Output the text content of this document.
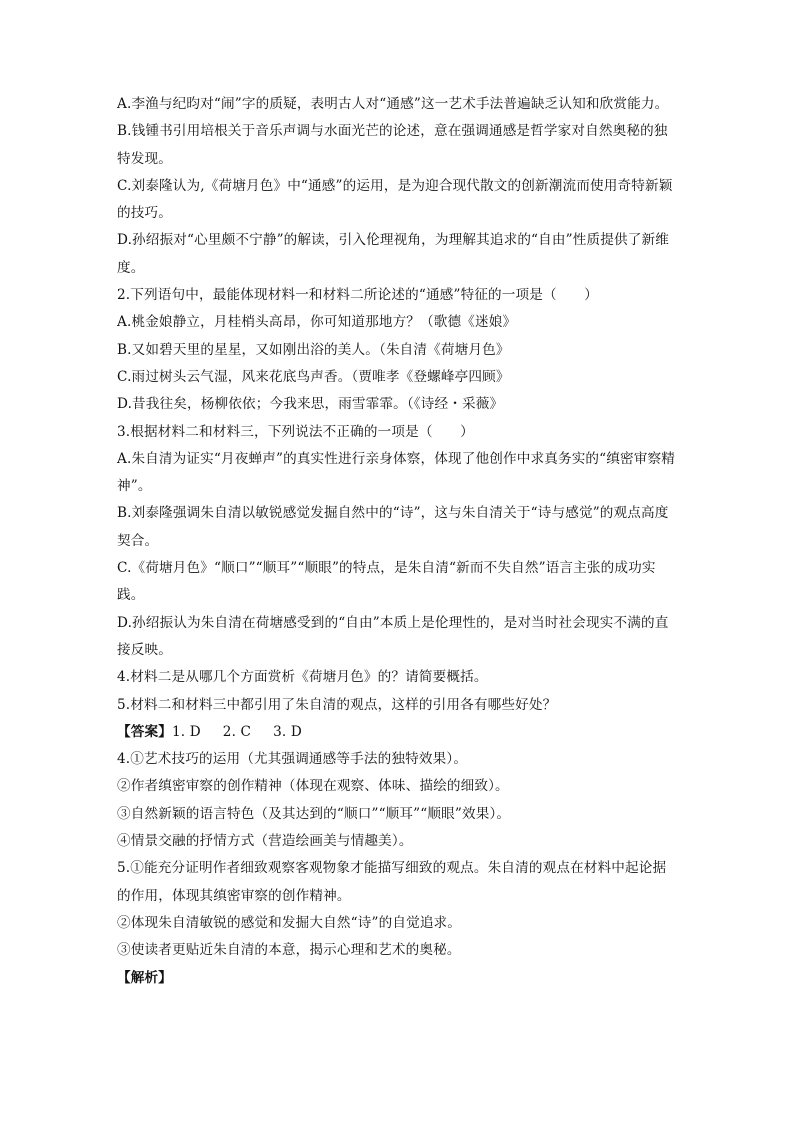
A.李渔与纪昀对“闹”字的质疑，表明古人对“通感”这一艺术手法普遍缺乏认知和欣赏能力。

B.钱锺书引用培根关于音乐声调与水面光芒的论述，意在强调通感是哲学家对自然奥秘的独特发现。

C.刘泰隆认为,《荷塘月色》中“通感”的运用，是为迎合现代散文的创新潮流而使用奇特新颖的技巧。

D.孙绍振对“心里颇不宁静”的解读，引入伦理视角，为理解其追求的“自由”性质提供了新维度。

2.下列语句中，最能体现材料一和材料二所论述的“通感”特征的一项是（　　）

A.桃金娘静立，月桂梢头高昂，你可知道那地方？（歌德《迷娘》

B.又如碧天里的星星，又如刚出浴的美人。（朱自清《荷塘月色》

C.雨过树头云气湿，风来花底鸟声香。（贾唯孝《登螺峰亭四顾》

D.昔我往矣，杨柳依依；今我来思，雨雪霏霏。（《诗经・采薇》

3.根据材料二和材料三，下列说法不正确的一项是（　　）

A.朱自清为证实“月夜蝉声”的真实性进行亲身体察，体现了他创作中求真务实的“缜密审察精神”。

B.刘泰隆强调朱自清以敏锐感觉发掘自然中的“诗”，这与朱自清关于“诗与感觉”的观点高度契合。

C.《荷塘月色》“顺口”“顺耳”“顺眼”的特点，是朱自清“新而不失自然”语言主张的成功实践。

D.孙绍振认为朱自清在荷塘感受到的“自由”本质上是伦理性的，是对当时社会现实不满的直接反映。

4.材料二是从哪几个方面赏析《荷塘月色》的？请简要概括。

5.材料二和材料三中都引用了朱自清的观点，这样的引用各有哪些好处？

【答案】1. D 2. C 3. D

4.①艺术技巧的运用（尤其强调通感等手法的独特效果）。

②作者缜密审察的创作精神（体现在观察、体味、描绘的细致）。

③自然新颖的语言特色（及其达到的“顺口”“顺耳”“顺眼”效果）。

④情景交融的抒情方式（营造绘画美与情趣美）。

5.①能充分证明作者细致观察客观物象才能描写细致的观点。朱自清的观点在材料中起论据的作用，体现其缜密审察的创作精神。

②体现朱自清敏锐的感觉和发掘大自然“诗”的自觉追求。

③使读者更贴近朱自清的本意，揭示心理和艺术的奥秘。

【解析】
